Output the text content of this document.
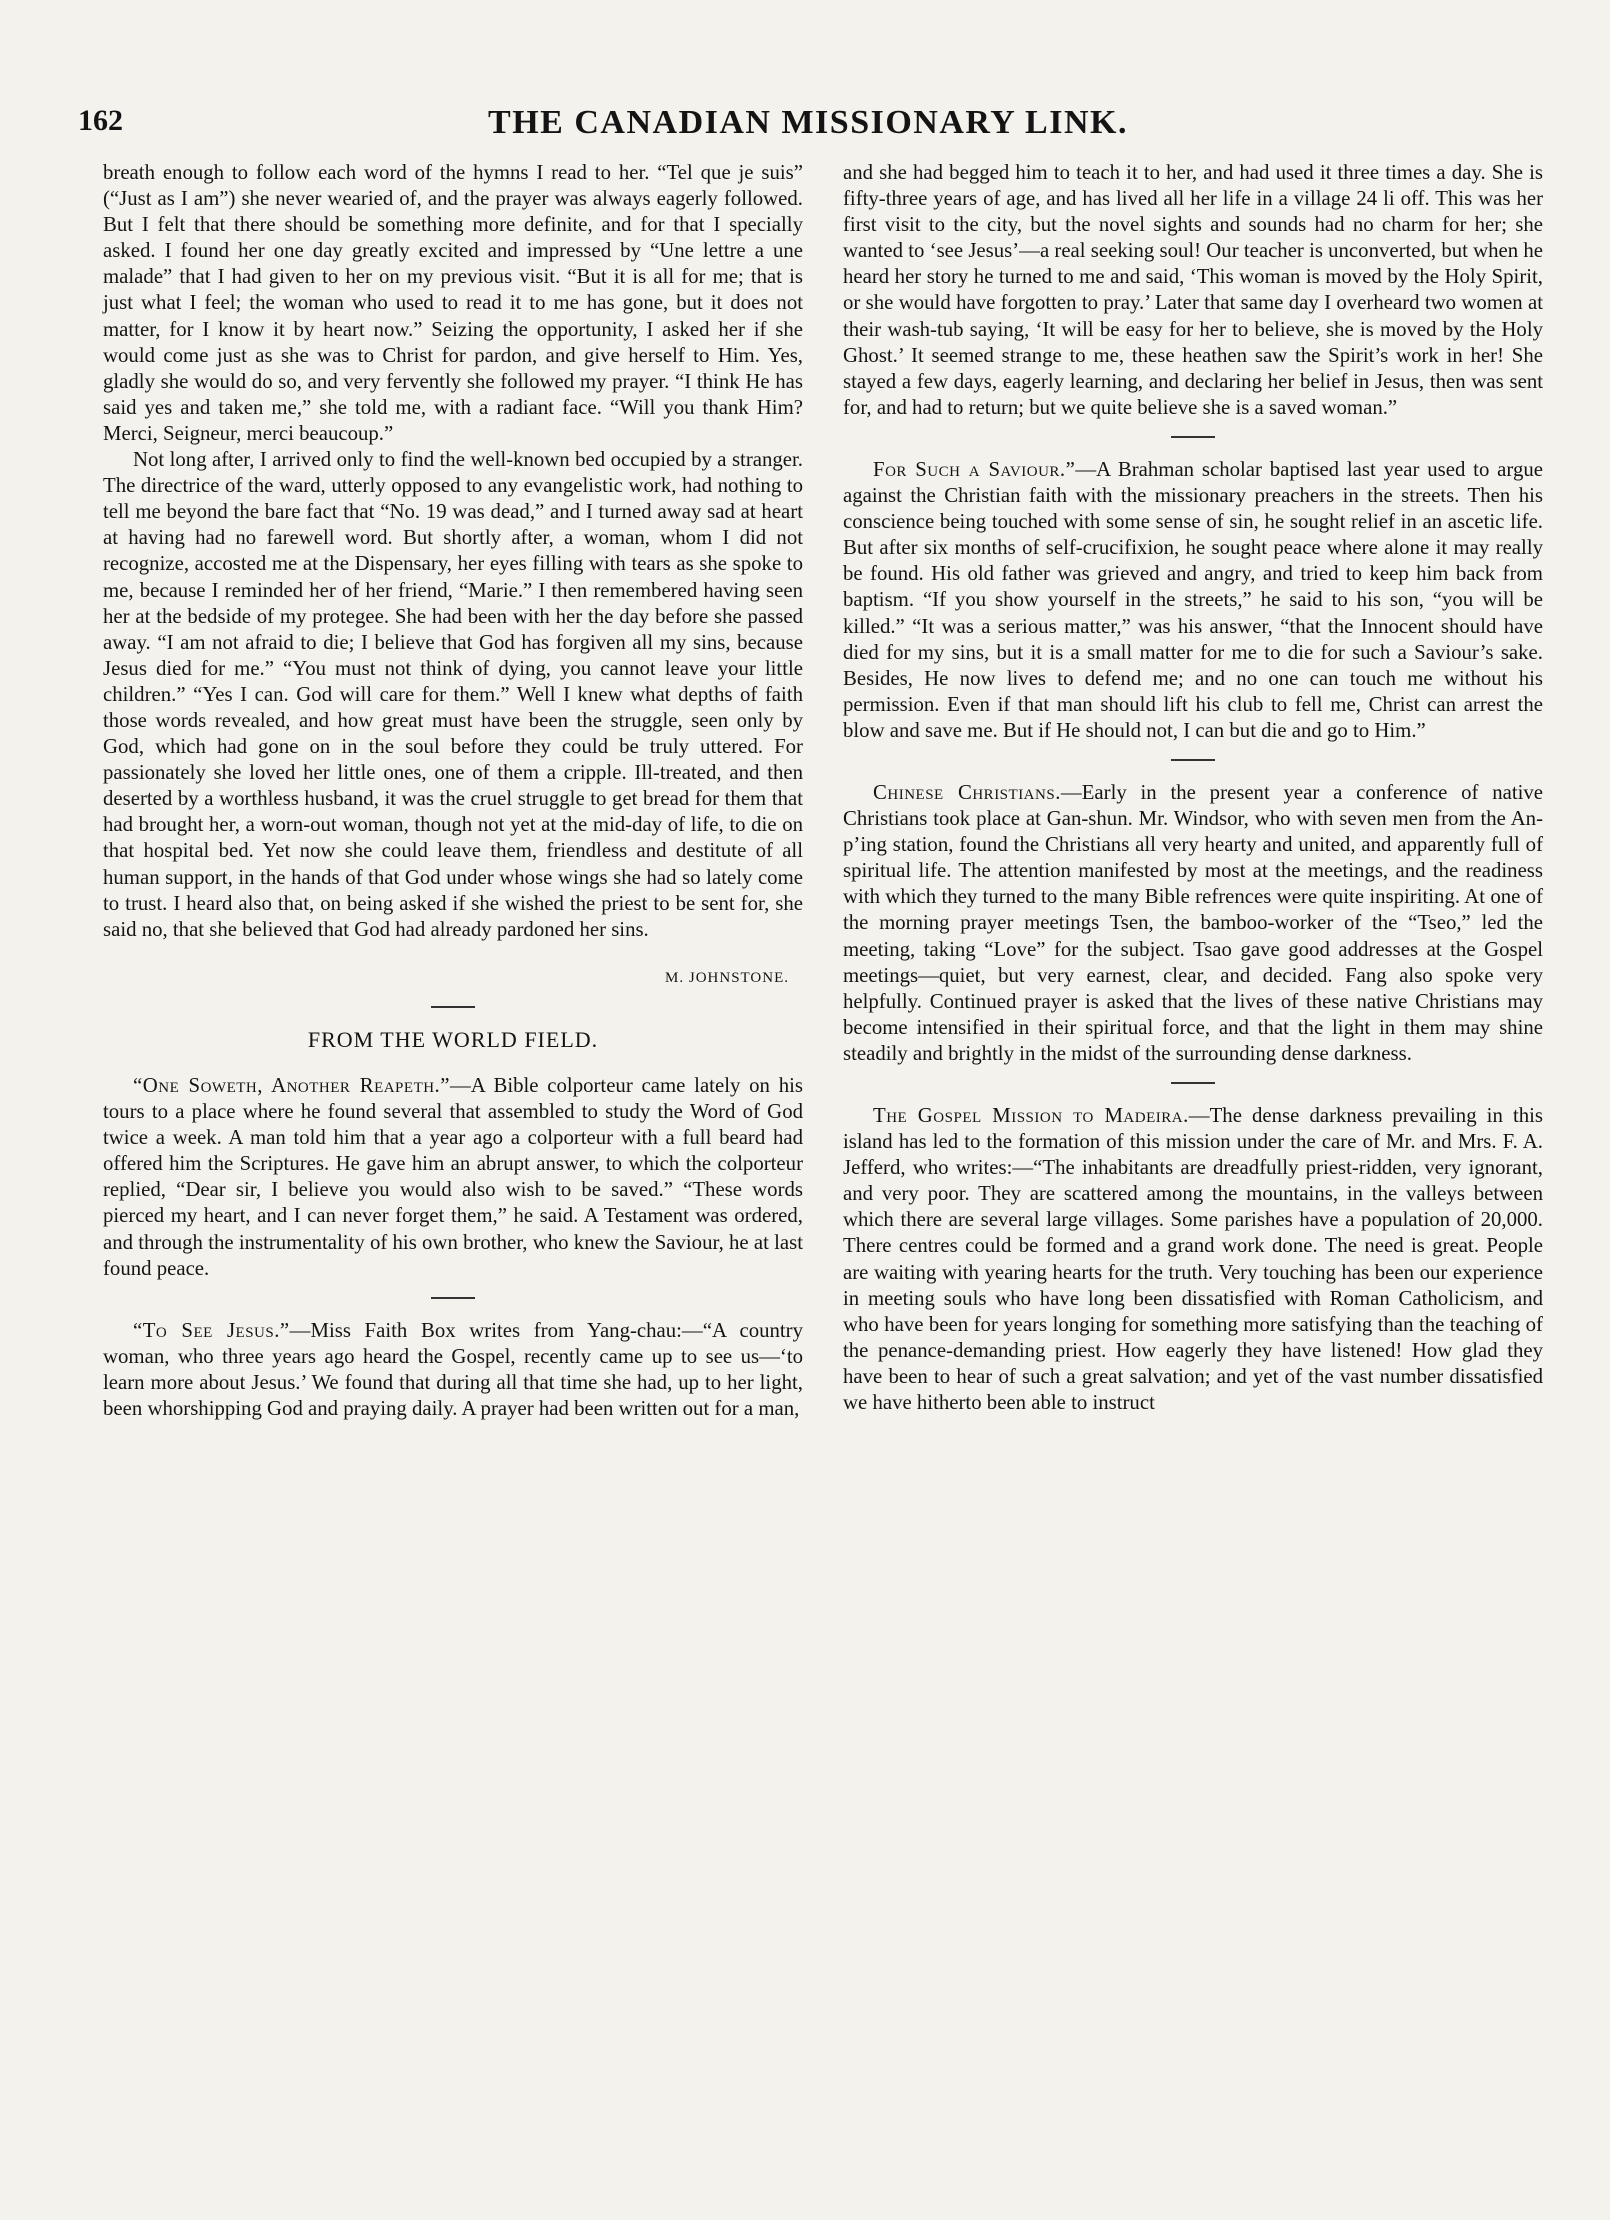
162	THE CANADIAN MISSIONARY LINK.

breath enough to follow each word of the hymns I read to her. “Tel que je suis” (“Just as I am”) she never wearied of, and the prayer was always eagerly followed. But I felt that there should be something more definite, and for that I specially asked. I found her one day greatly excited and impressed by “Une lettre a une malade” that I had given to her on my previous visit. “But it is all for me; that is just what I feel; the woman who used to read it to me has gone, but it does not matter, for I know it by heart now.” Seizing the opportunity, I asked her if she would come just as she was to Christ for pardon, and give herself to Him. Yes, gladly she would do so, and very fervently she followed my prayer. “I think He has said yes and taken me,” she told me, with a radiant face. “Will you thank Him? Merci, Seigneur, merci beaucoup.”

Not long after, I arrived only to find the well-known bed occupied by a stranger. The directrice of the ward, utterly opposed to any evangelistic work, had nothing to tell me beyond the bare fact that “No. 19 was dead,” and I turned away sad at heart at having had no farewell word. But shortly after, a woman, whom I did not recognize, accosted me at the Dispensary, her eyes filling with tears as she spoke to me, because I reminded her of her friend, “Marie.” I then remembered having seen her at the bedside of my protegee. She had been with her the day before she passed away. “I am not afraid to die; I believe that God has forgiven all my sins, because Jesus died for me.” “You must not think of dying, you cannot leave your little children.” “Yes I can. God will care for them.” Well I knew what depths of faith those words revealed, and how great must have been the struggle, seen only by God, which had gone on in the soul before they could be truly uttered. For passionately she loved her little ones, one of them a cripple. Ill-treated, and then deserted by a worthless husband, it was the cruel struggle to get bread for them that had brought her, a worn-out woman, though not yet at the mid-day of life, to die on that hospital bed. Yet now she could leave them, friendless and destitute of all human support, in the hands of that God under whose wings she had so lately come to trust. I heard also that, on being asked if she wished the priest to be sent for, she said no, that she believed that God had already pardoned her sins.

M. JOHNSTONE.
FROM THE WORLD FIELD.

“One Soweth, Another Reapeth.”—A Bible colporteur came lately on his tours to a place where he found several that assembled to study the Word of God twice a week. A man told him that a year ago a colporteur with a full beard had offered him the Scriptures. He gave him an abrupt answer, to which the colporteur replied, “Dear sir, I believe you would also wish to be saved.” “These words pierced my heart, and I can never forget them,” he said. A Testament was ordered, and through the instrumentality of his own brother, who knew the Saviour, he at last found peace.

“To See Jesus.”—Miss Faith Box writes from Yang-chau:—“A country woman, who three years ago heard the Gospel, recently came up to see us—‘to learn more about Jesus.’ We found that during all that time she had, up to her light, been whorshipping God and praying daily. A prayer had been written out for a man,

and she had begged him to teach it to her, and had used it three times a day. She is fifty-three years of age, and has lived all her life in a village 24 li off. This was her first visit to the city, but the novel sights and sounds had no charm for her; she wanted to ‘see Jesus’—a real seeking soul! Our teacher is unconverted, but when he heard her story he turned to me and said, ‘This woman is moved by the Holy Spirit, or she would have forgotten to pray.’ Later that same day I overheard two women at their wash-tub saying, ‘It will be easy for her to believe, she is moved by the Holy Ghost.’ It seemed strange to me, these heathen saw the Spirit’s work in her! She stayed a few days, eagerly learning, and declaring her belief in Jesus, then was sent for, and had to return; but we quite believe she is a saved woman.”

For Such a Saviour.”—A Brahman scholar baptised last year used to argue against the Christian faith with the missionary preachers in the streets. Then his conscience being touched with some sense of sin, he sought relief in an ascetic life. But after six months of self-crucifixion, he sought peace where alone it may really be found. His old father was grieved and angry, and tried to keep him back from baptism. “If you show yourself in the streets,” he said to his son, “you will be killed.” “It was a serious matter,” was his answer, “that the Innocent should have died for my sins, but it is a small matter for me to die for such a Saviour’s sake. Besides, He now lives to defend me; and no one can touch me without his permission. Even if that man should lift his club to fell me, Christ can arrest the blow and save me. But if He should not, I can but die and go to Him.”

Chinese Christians.—Early in the present year a conference of native Christians took place at Gan-shun. Mr. Windsor, who with seven men from the An-p’ing station, found the Christians all very hearty and united, and apparently full of spiritual life. The attention manifested by most at the meetings, and the readiness with which they turned to the many Bible refrences were quite inspiriting. At one of the morning prayer meetings Tsen, the bamboo-worker of the “Tseo,” led the meeting, taking “Love” for the subject. Tsao gave good addresses at the Gospel meetings—quiet, but very earnest, clear, and decided. Fang also spoke very helpfully. Continued prayer is asked that the lives of these native Christians may become intensified in their spiritual force, and that the light in them may shine steadily and brightly in the midst of the surrounding dense darkness.

The Gospel Mission to Madeira.—The dense darkness prevailing in this island has led to the formation of this mission under the care of Mr. and Mrs. F. A. Jefferd, who writes:—“The inhabitants are dreadfully priest-ridden, very ignorant, and very poor. They are scattered among the mountains, in the valleys between which there are several large villages. Some parishes have a population of 20,000. There centres could be formed and a grand work done. The need is great. People are waiting with yearing hearts for the truth. Very touching has been our experience in meeting souls who have long been dissatisfied with Roman Catholicism, and who have been for years longing for something more satisfying than the teaching of the penance-demanding priest. How eagerly they have listened! How glad they have been to hear of such a great salvation; and yet of the vast number dissatisfied we have hitherto been able to instruct
